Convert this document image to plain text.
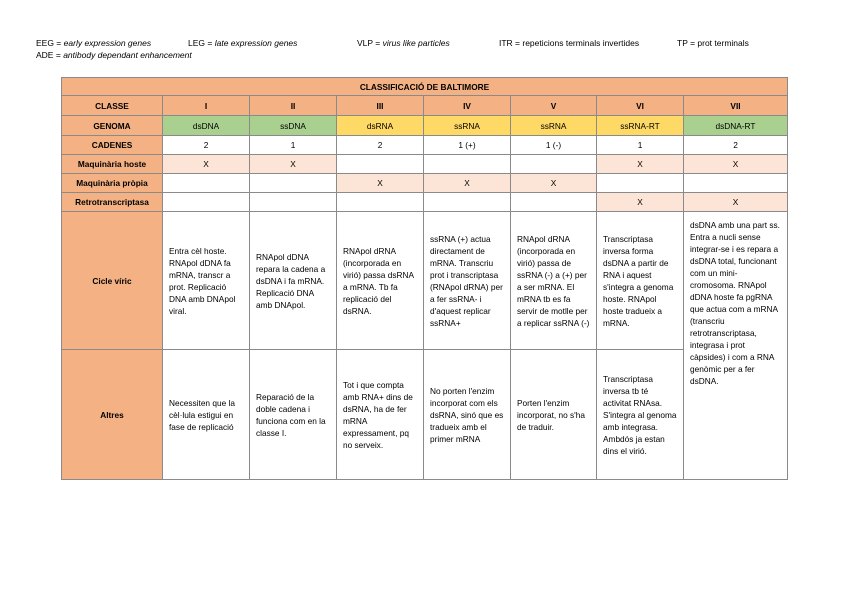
EEG = early expression genes	LEG = late expression genes	VLP = virus like particles	ITR = repeticions terminals invertides	TP = prot terminals
ADE = antibody dependant enhancement
CLASSIFICACIÓ DE BALTIMORE							
CLASSE	I	II	III	IV	V	VI	VII
GENOMA	dsDNA	ssDNA	dsRNA	ssRNA	ssRNA	ssRNA-RT	dsDNA-RT
CADENES	2	1	2	1 (+)	1 (-)	1	2
Maquinària hoste	X	X				X	X
Maquinària pròpia			X	X	X		
Retrotranscriptasa						X	X
Cicle víric	Entra cèl hoste. RNApol dDNA fa mRNA, transcr a prot. Replicació DNA amb DNApol viral.	RNApol dDNA repara la cadena a dsDNA i fa mRNA. Replicació DNA amb DNApol.	RNApol dRNA (incorporada en virió) passa dsRNA a mRNA. Tb fa replicació del dsRNA.	ssRNA (+) actua directament de mRNA. Transcriu prot i transcriptasa (RNApol dRNA) per a fer ssRNA- i d'aquest replicar ssRNA+	RNApol dRNA (incorporada en virió) passa de ssRNA (-) a (+) per a ser mRNA. El mRNA tb es fa servir de motlle per a replicar ssRNA (-)	Transcriptasa inversa forma dsDNA a partir de RNA i aquest s'integra a genoma hoste. RNApol hoste tradueix a mRNA.	dsDNA amb una part ss. Entra a nucli sense integrar-se i es repara a dsDNA total, funcionant com un mini-cromosoma. RNApol dDNA hoste fa pgRNA que actua com a mRNA (transcriu retrotranscriptasa, integrasa i prot càpsides) i com a RNA genòmic per a fer dsDNA.
Altres	Necessiten que la cèl·lula estigui en fase de replicació	Reparació de la doble cadena i funciona com en la classe I.	Tot i que compta amb RNA+ dins de dsRNA, ha de fer mRNA expressament, pq no serveix.	No porten l'enzim incorporat com els dsRNA, sinó que es tradueix amb el primer mRNA	Porten l'enzim incorporat, no s'ha de traduir.	Transcriptasa inversa tb té activitat RNAsa. S'integra al genoma amb integrasa. Ambdós ja estan dins el virió.	
